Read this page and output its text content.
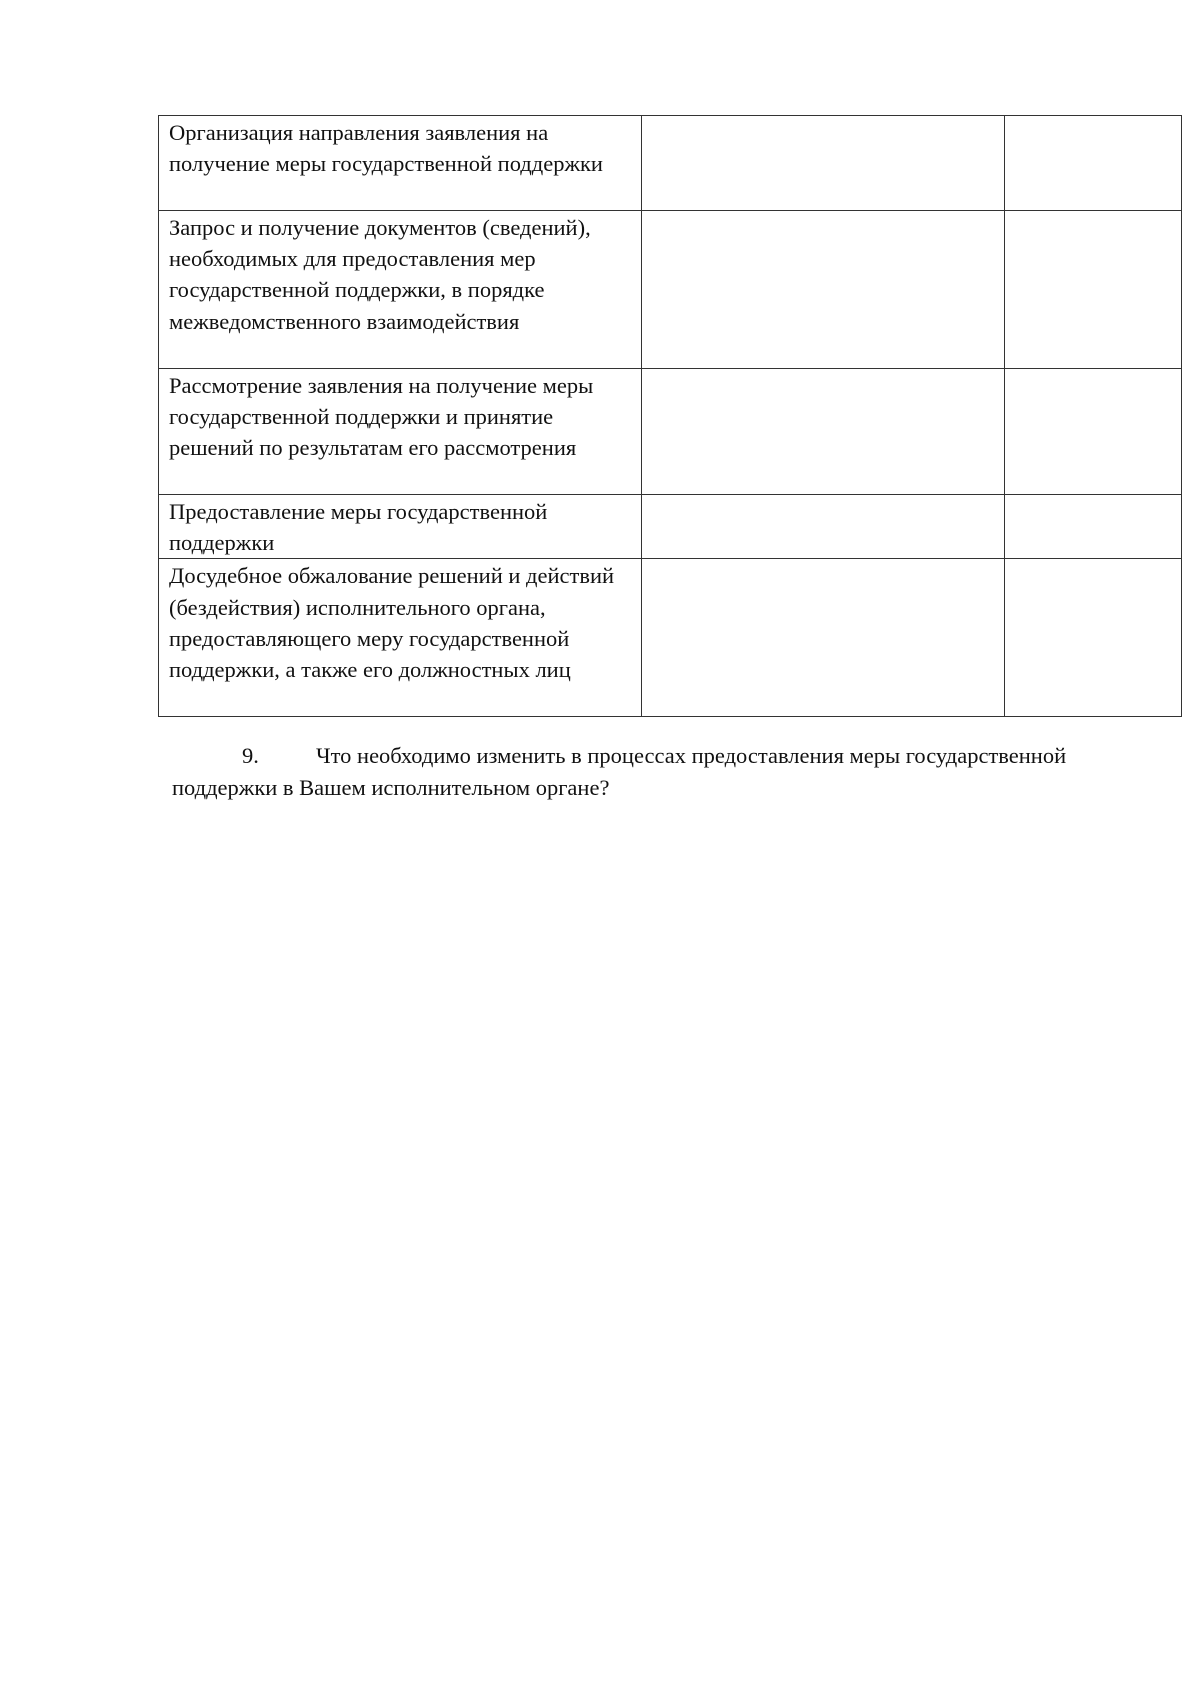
Организация направления заявления на получение меры государственной поддержки		

Запрос и получение документов (сведений), необходимых для предоставления мер государственной поддержки, в порядке межведомственного взаимодействия		

Рассмотрение заявления на получение меры государственной поддержки и принятие решений по результатам его рассмотрения		

Предоставление меры государственной поддержки		

Досудебное обжалование решений и действий (бездействия) исполнительного органа, предоставляющего меру государственной поддержки, а также его должностных лиц		

9.	Что необходимо изменить в процессах предоставления меры государственной
поддержки в Вашем исполнительном органе?
